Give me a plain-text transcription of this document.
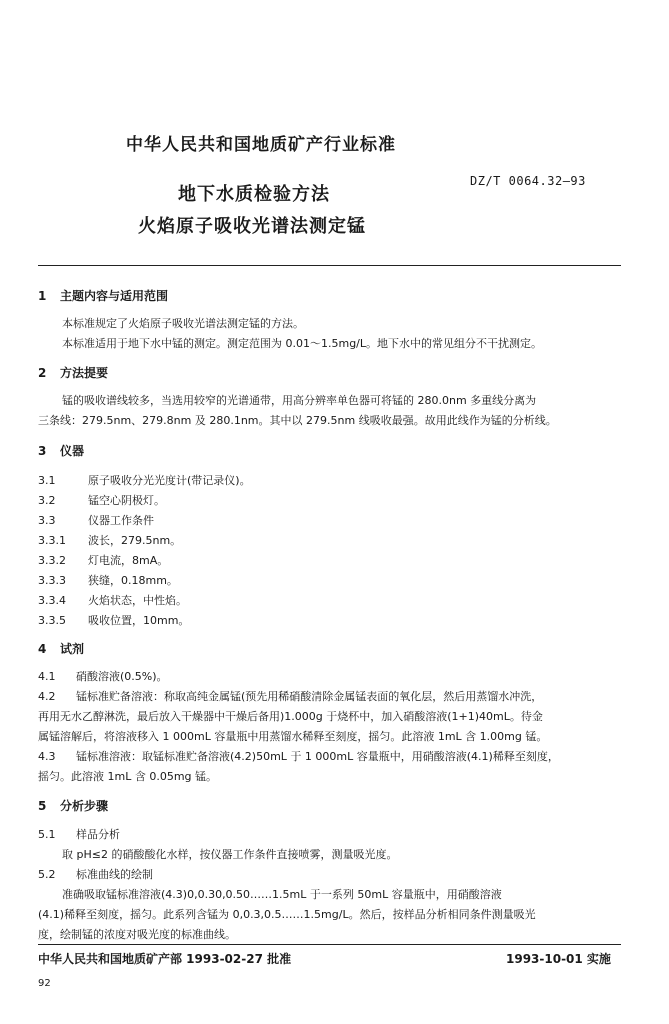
中华人民共和国地质矿产行业标准
地下水质检验方法
DZ/T 0064.32—93
火焰原子吸收光谱法测定锰
1 主题内容与适用范围
本标准规定了火焰原子吸收光谱法测定锰的方法。
本标准适用于地下水中锰的测定。测定范围为 0.01～1.5mg/L。地下水中的常见组分不干扰测定。
2 方法提要
锰的吸收谱线较多，当选用较窄的光谱通带，用高分辨率单色器可将锰的 280.0nm 多重线分离为
三条线：279.5nm、279.8nm 及 280.1nm。其中以 279.5nm 线吸收最强。故用此线作为锰的分析线。
3 仪器
3.1	原子吸收分光光度计(带记录仪)。
3.2	锰空心阴极灯。
3.3	仪器工作条件
3.3.1 波长，279.5nm。
3.3.2 灯电流，8mA。
3.3.3 狭缝，0.18mm。
3.3.4 火焰状态，中性焰。
3.3.5 吸收位置，10mm。
4 试剂
4.1 硝酸溶液(0.5%)。
4.2 锰标准贮备溶液：称取高纯金属锰(预先用稀硝酸清除金属锰表面的氧化层，然后用蒸馏水冲洗，
再用无水乙醇淋洗，最后放入干燥器中干燥后备用)1.000g 于烧杯中，加入硝酸溶液(1+1)40mL。待金
属锰溶解后，将溶液移入 1 000mL 容量瓶中用蒸馏水稀释至刻度，摇匀。此溶液 1mL 含 1.00mg 锰。
4.3 锰标准溶液：取锰标准贮备溶液(4.2)50mL 于 1 000mL 容量瓶中，用硝酸溶液(4.1)稀释至刻度，
摇匀。此溶液 1mL 含 0.05mg 锰。
5 分析步骤
5.1 样品分析
取 pH≤2 的硝酸酸化水样，按仪器工作条件直接喷雾，测量吸光度。
5.2 标准曲线的绘制
准确吸取锰标准溶液(4.3)0,0.30,0.50……1.5mL 于一系列 50mL 容量瓶中，用硝酸溶液
(4.1)稀释至刻度，摇匀。此系列含锰为 0,0.3,0.5……1.5mg/L。然后，按样品分析相同条件测量吸光
度，绘制锰的浓度对吸光度的标准曲线。
中华人民共和国地质矿产部 1993-02-27 批准	1993-10-01 实施
92
